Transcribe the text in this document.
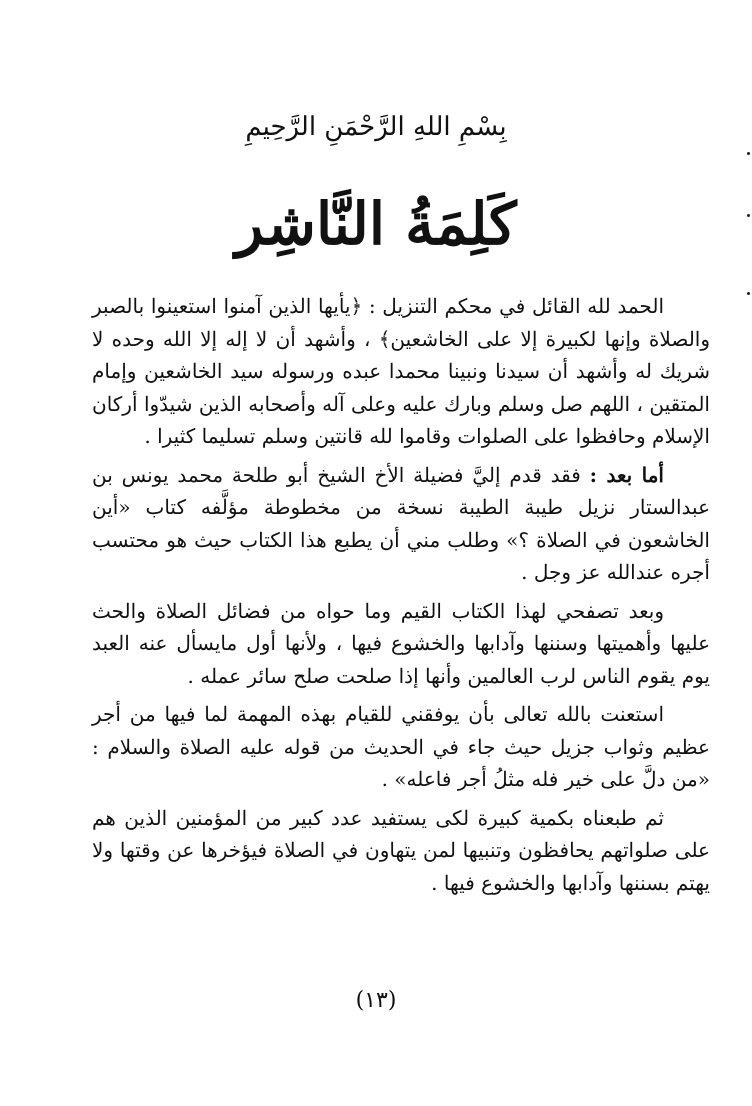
بِسْمِ اللهِ الرَّحْمَنِ الرَّحِيمِ
كَلِمَةُ النَّاشِر

الحمد لله القائل في محكم التنزيل : ﴿يأيها الذين آمنوا استعينوا بالصبر والصلاة وإنها لكبيرة إلا على الخاشعين﴾ ، وأشهد أن لا إله إلا الله وحده لا شريك له وأشهد أن سيدنا ونبينا محمدا عبده ورسوله سيد الخاشعين وإمام المتقين ، اللهم صل وسلم وبارك عليه وعلى آله وأصحابه الذين شيدّوا أركان الإسلام وحافظوا على الصلوات وقاموا لله قانتين وسلم تسليما كثيرا .

أما بعد : فقد قدم إليَّ فضيلة الأخ الشيخ أبو طلحة محمد يونس بن عبدالستار نزيل طيبة الطيبة نسخة من مخطوطة مؤلَّفه كتاب «أين الخاشعون في الصلاة ؟» وطلب مني أن يطبع هذا الكتاب حيث هو محتسب أجره عندالله عز وجل .

وبعد تصفحي لهذا الكتاب القيم وما حواه من فضائل الصلاة والحث عليها وأهميتها وسننها وآدابها والخشوع فيها ، ولأنها أول مايسأل عنه العبد يوم يقوم الناس لرب العالمين وأنها إذا صلحت صلح سائر عمله .

استعنت بالله تعالى بأن يوفقني للقيام بهذه المهمة لما فيها من أجر عظيم وثواب جزيل حيث جاء في الحديث من قوله عليه الصلاة والسلام : «من دلَّ على خير فله مثلُ أجر فاعله» .

ثم طبعناه بكمية كبيرة لكى يستفيد عدد كبير من المؤمنين الذين هم على صلواتهم يحافظون وتنبيها لمن يتهاون في الصلاة فيؤخرها عن وقتها ولا يهتم بسننها وآدابها والخشوع فيها .

(١٣)
